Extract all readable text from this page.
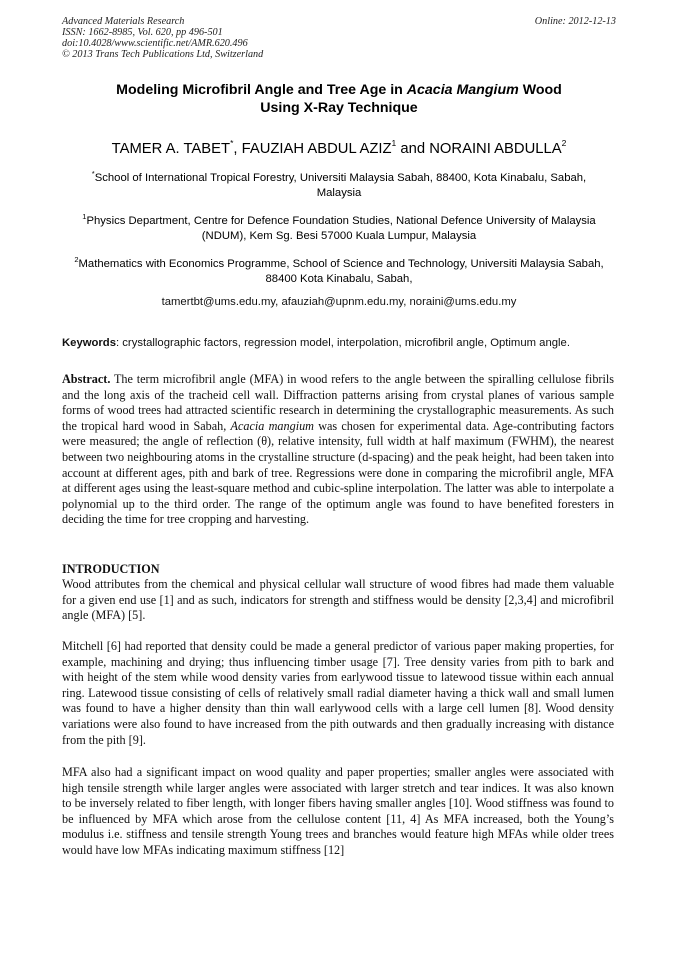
Advanced Materials Research
ISSN: 1662-8985, Vol. 620, pp 496-501
doi:10.4028/www.scientific.net/AMR.620.496
© 2013 Trans Tech Publications Ltd, Switzerland
Online: 2012-12-13
Modeling Microfibril Angle and Tree Age in Acacia Mangium Wood
Using X-Ray Technique
TAMER A. TABET*, FAUZIAH ABDUL AZIZ$^1$ and NORAINI ABDULLA$^2$
*School of International Tropical Forestry, Universiti Malaysia Sabah, 88400, Kota Kinabalu, Sabah, Malaysia
$^1$Physics Department, Centre for Defence Foundation Studies, National Defence University of Malaysia (NDUM), Kem Sg. Besi 57000 Kuala Lumpur, Malaysia
$^2$Mathematics with Economics Programme, School of Science and Technology, Universiti Malaysia Sabah, 88400 Kota Kinabalu, Sabah,
tamertbt@ums.edu.my, afauziah@upnm.edu.my, noraini@ums.edu.my
Keywords: crystallographic factors, regression model, interpolation, microfibril angle, Optimum angle.
Abstract. The term microfibril angle (MFA) in wood refers to the angle between the spiralling cellulose fibrils and the long axis of the tracheid cell wall. Diffraction patterns arising from crystal planes of various sample forms of wood trees had attracted scientific research in determining the crystallographic measurements. As such the tropical hard wood in Sabah, Acacia mangium was chosen for experimental data. Age-contributing factors were measured; the angle of reflection (θ), relative intensity, full width at half maximum (FWHM), the nearest between two neighbouring atoms in the crystalline structure (d-spacing) and the peak height, had been taken into account at different ages, pith and bark of tree. Regressions were done in comparing the microfibril angle, MFA at different ages using the least-square method and cubic-spline interpolation. The latter was able to interpolate a polynomial up to the third order. The range of the optimum angle was found to have benefited foresters in deciding the time for tree cropping and harvesting.
INTRODUCTION
Wood attributes from the chemical and physical cellular wall structure of wood fibres had made them valuable for a given end use [1] and as such, indicators for strength and stiffness would be density [2,3,4] and microfibril angle (MFA) [5].
Mitchell [6] had reported that density could be made a general predictor of various paper making properties, for example, machining and drying; thus influencing timber usage [7]. Tree density varies from pith to bark and with height of the stem while wood density varies from earlywood tissue to latewood tissue within each annual ring. Latewood tissue consisting of cells of relatively small radial diameter having a thick wall and small lumen was found to have a higher density than thin wall earlywood cells with a large cell lumen [8]. Wood density variations were also found to have increased from the pith outwards and then gradually increasing with distance from the pith [9].
MFA also had a significant impact on wood quality and paper properties; smaller angles were associated with high tensile strength while larger angles were associated with larger stretch and tear indices. It was also known to be inversely related to fiber length, with longer fibers having smaller angles [10]. Wood stiffness was found to be influenced by MFA which arose from the cellulose content [11, 4] As MFA increased, both the Young’s modulus i.e. stiffness and tensile strength Young trees and branches would feature high MFAs while older trees would have low MFAs indicating maximum stiffness [12]
